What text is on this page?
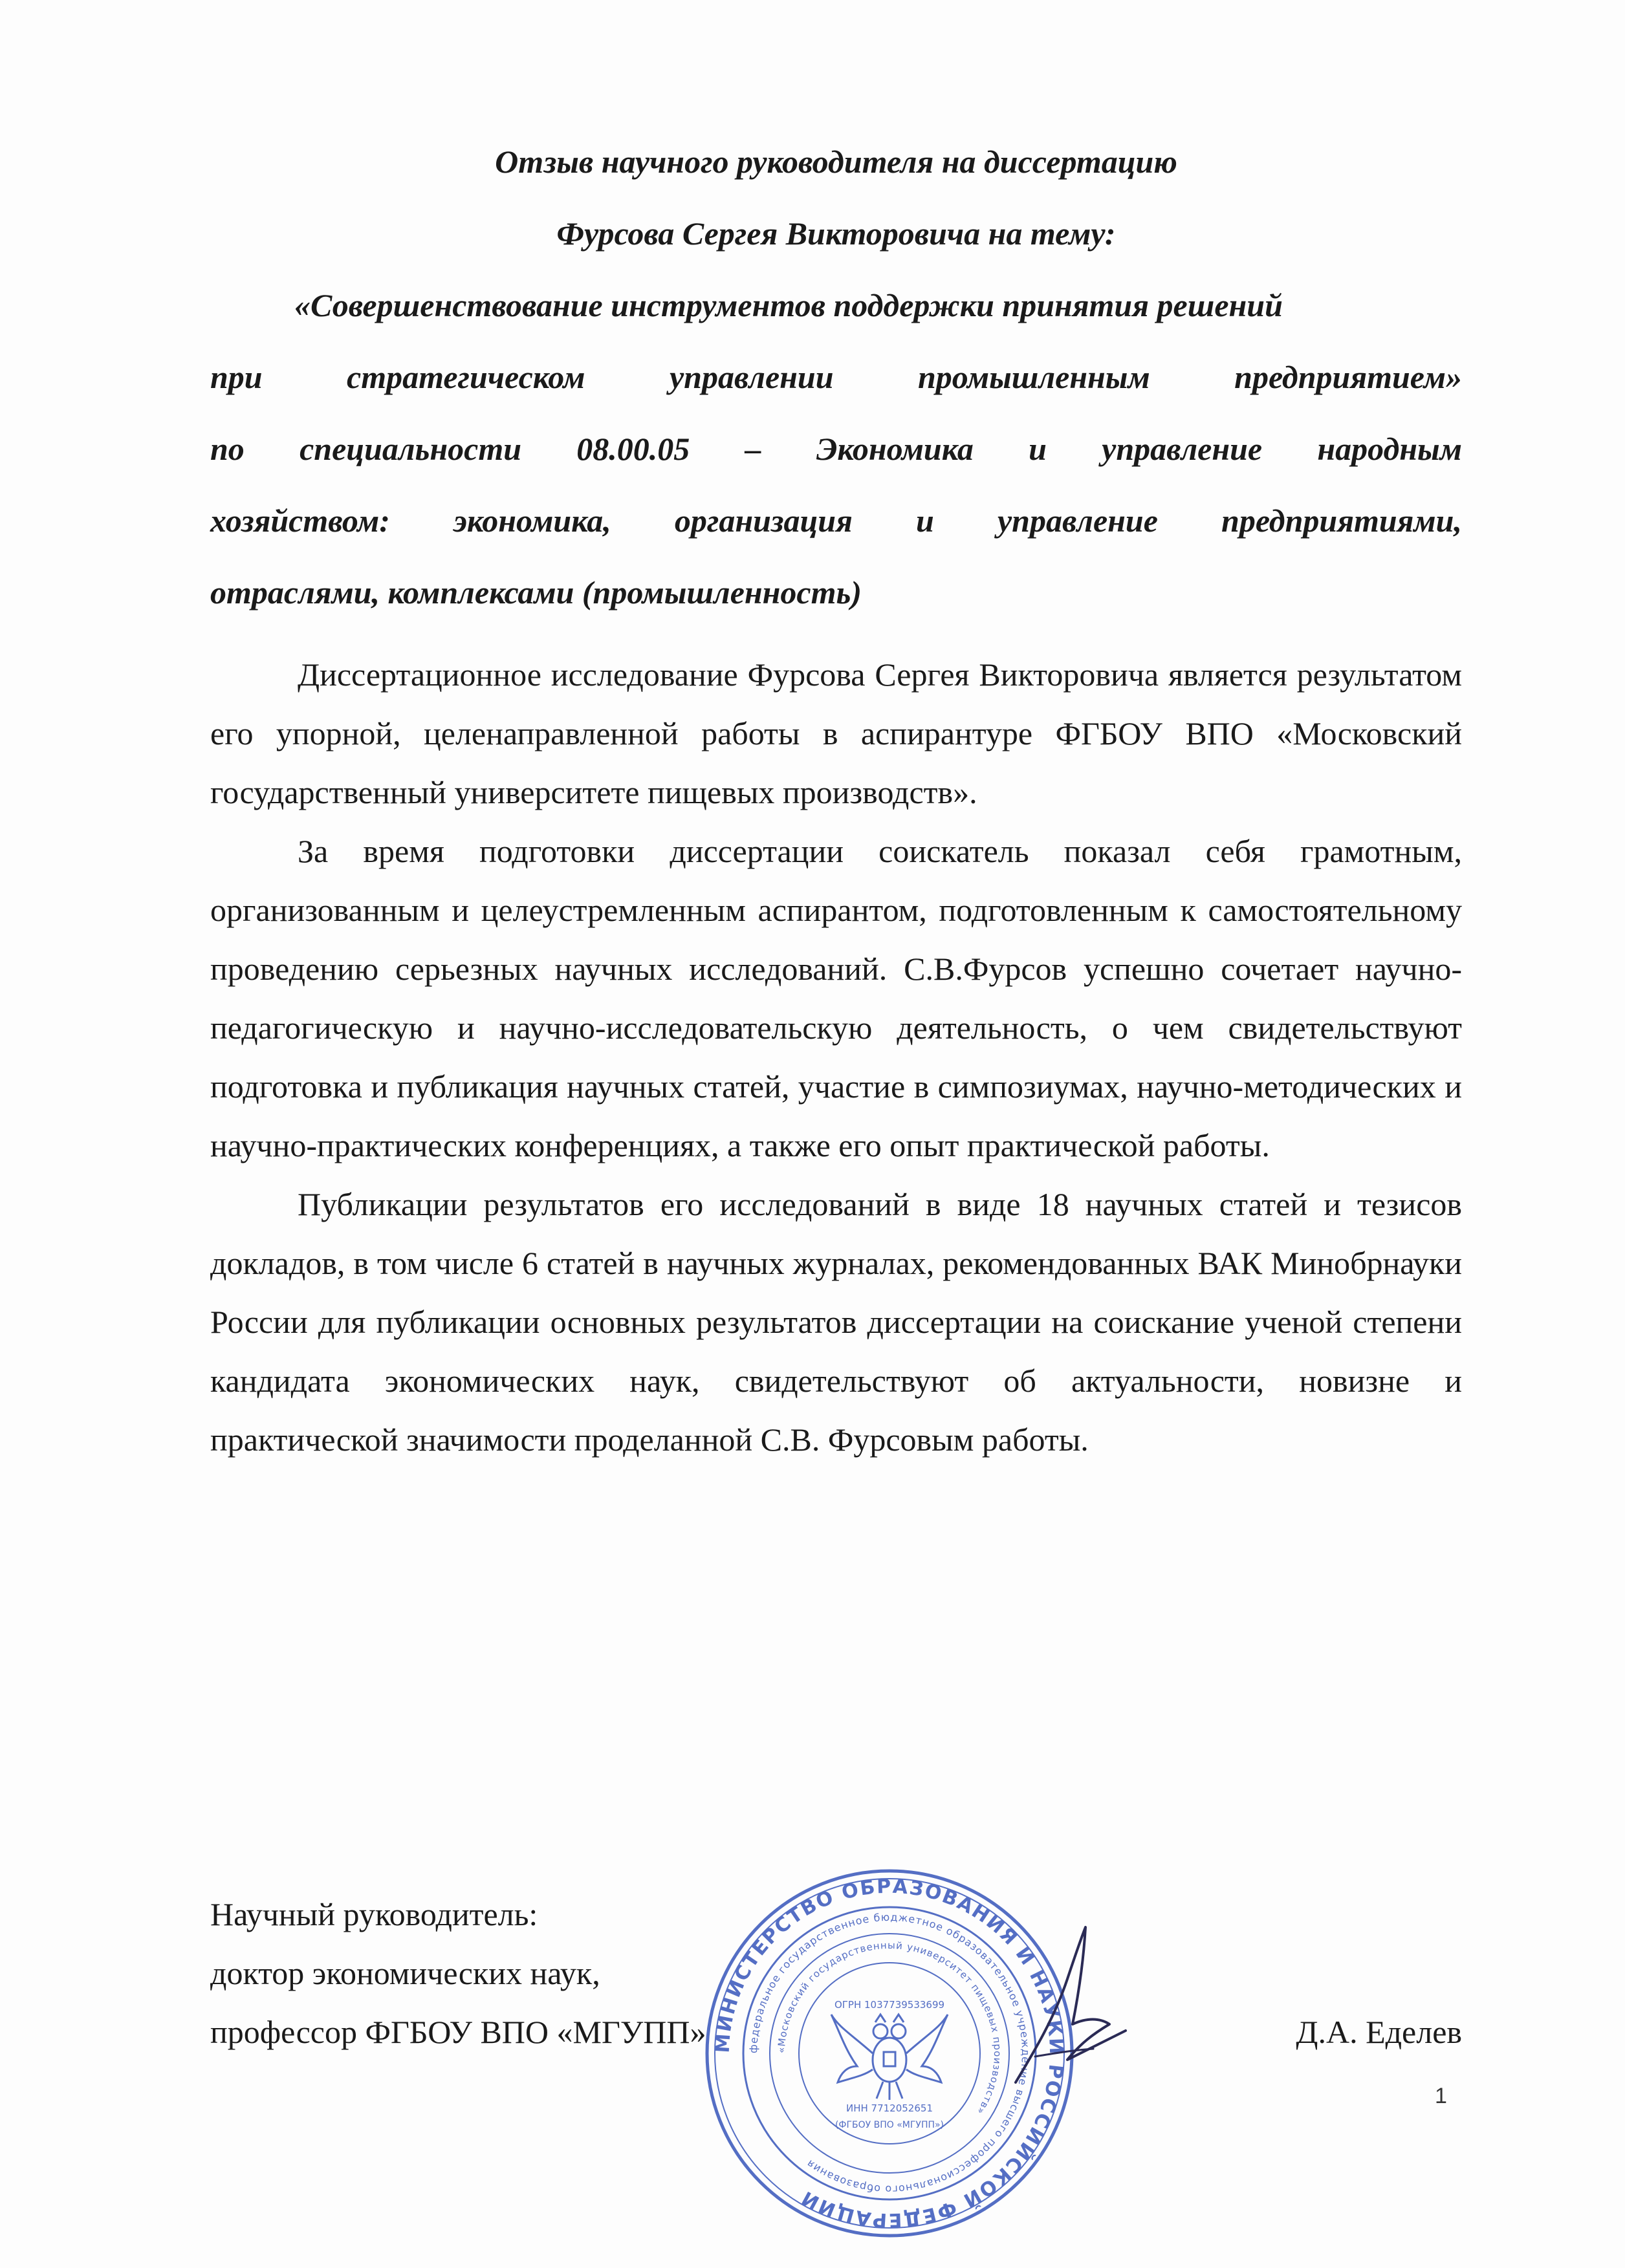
Отзыв научного руководителя на диссертацию
Фурсова Сергея Викторовича на тему:
«Совершенствование инструментов поддержки принятия решений
при стратегическом управлении промышленным предприятием»
по специальности 08.00.05 – Экономика и управление народным
хозяйством: экономика, организация и управление предприятиями,
отраслями, комплексами (промышленность)

Диссертационное исследование Фурсова Сергея Викторовича является результатом его упорной, целенаправленной работы в аспирантуре ФГБОУ ВПО «Московский государственный университете пищевых производств».

За время подготовки диссертации соискатель показал себя грамотным, организованным и целеустремленным аспирантом, подготовленным к самостоятельному проведению серьезных научных исследований. С.В.Фурсов успешно сочетает научно-педагогическую и научно-исследовательскую деятельность, о чем свидетельствуют подготовка и публикация научных статей, участие в симпозиумах, научно-методических и научно-практических конференциях, а также его опыт практической работы.

Публикации результатов его исследований в виде 18 научных статей и тезисов докладов, в том числе 6 статей в научных журналах, рекомендованных ВАК Минобрнауки России для публикации основных результатов диссертации на соискание ученой степени кандидата экономических наук, свидетельствуют об актуальности, новизне и практической значимости проделанной С.В. Фурсовым работы.

Научный руководитель:
доктор экономических наук,
профессор ФГБОУ ВПО «МГУПП»	Д.А. Еделев
1
МИНИСТЕРСТВО ОБРАЗОВАНИЯ И НАУКИ РОССИЙСКОЙ ФЕДЕРАЦИИ
федеральное государственное бюджетное образовательное учреждение высшего профессионального образования
«Московский государственный университет пищевых производств»
ОГРН 1037739533699
ИНН 7712052651
(ФГБОУ ВПО «МГУПП»)
